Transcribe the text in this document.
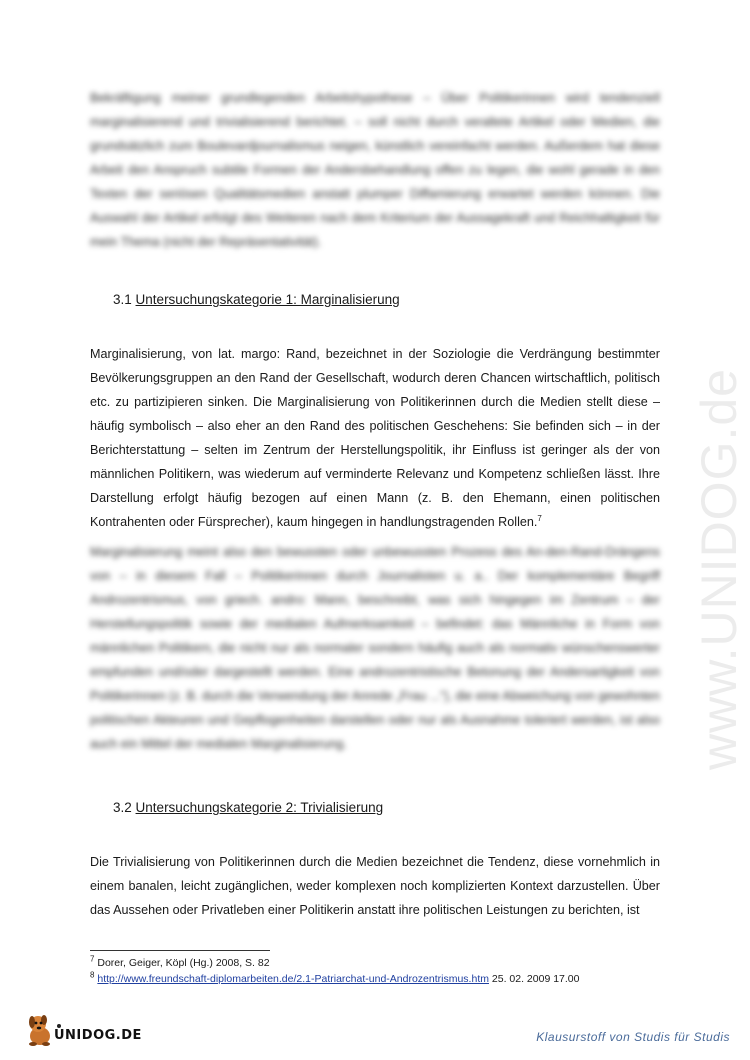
www.UNIDOG.de

Bekräftigung meiner grundlegenden Arbeitshypothese – Über Politikerinnen wird tendenziell marginalisierend und trivialisierend berichtet. – soll nicht durch veraltete Artikel oder Medien, die grundsätzlich zum Boulevardjournalismus neigen, künstlich vereinfacht werden. Außerdem hat diese Arbeit den Anspruch subtile Formen der Andersbehandlung offen zu legen, die wohl gerade in den Texten der seriösen Qualitätsmedien anstatt plumper Diffamierung erwartet werden können. Die Auswahl der Artikel erfolgt des Weiteren nach dem Kriterium der Aussagekraft und Reichhaltigkeit für mein Thema (nicht der Repräsentativität).

3.1 Untersuchungskategorie 1: Marginalisierung

Marginalisierung, von lat. margo: Rand, bezeichnet in der Soziologie die Verdrängung bestimmter Bevölkerungsgruppen an den Rand der Gesellschaft, wodurch deren Chancen wirtschaftlich, politisch etc. zu partizipieren sinken. Die Marginalisierung von Politikerinnen durch die Medien stellt diese – häufig symbolisch – also eher an den Rand des politischen Geschehens: Sie befinden sich – in der Berichterstattung – selten im Zentrum der Herstellungspolitik, ihr Einfluss ist geringer als der von männlichen Politikern, was wiederum auf verminderte Relevanz und Kompetenz schließen lässt. Ihre Darstellung erfolgt häufig bezogen auf einen Mann (z. B. den Ehemann, einen politischen Kontrahenten oder Fürsprecher), kaum hingegen in handlungstragenden Rollen.$^7$

Marginalisierung meint also den bewussten oder unbewussten Prozess des An-den-Rand-Drängens von – in diesem Fall – Politikerinnen durch Journalisten u. a.. Der komplementäre Begriff Androzentrismus, von griech. andro: Mann, beschreibt, was sich hingegen im Zentrum – der Herstellungspolitik sowie der medialen Aufmerksamkeit – befindet: das Männliche in Form von männlichen Politikern, die nicht nur als normaler sondern häufig auch als normativ wünschenswerter empfunden und/oder dargestellt werden. Eine androzentristische Betonung der Andersartigkeit von Politikerinnen (z. B. durch die Verwendung der Anrede „Frau ...“), die eine Abweichung von gewohnten politischen Akteuren und Gepflogenheiten darstellen oder nur als Ausnahme toleriert werden, ist also auch ein Mittel der medialen Marginalisierung.

3.2 Untersuchungskategorie 2: Trivialisierung

Die Trivialisierung von Politikerinnen durch die Medien bezeichnet die Tendenz, diese vornehmlich in einem banalen, leicht zugänglichen, weder komplexen noch komplizierten Kontext darzustellen. Über das Aussehen oder Privatleben einer Politikerin anstatt ihre politischen Leistungen zu berichten, ist

$^7$ Dorer, Geiger, Köpl (Hg.) 2008, S. 82

$^8$ http://www.freundschaft-diplomarbeiten.de/2.1-Patriarchat-und-Androzentrismus.htm 25. 02. 2009 17.00

UNIDOG.DE	Klausurstoff von Studis für Studis
